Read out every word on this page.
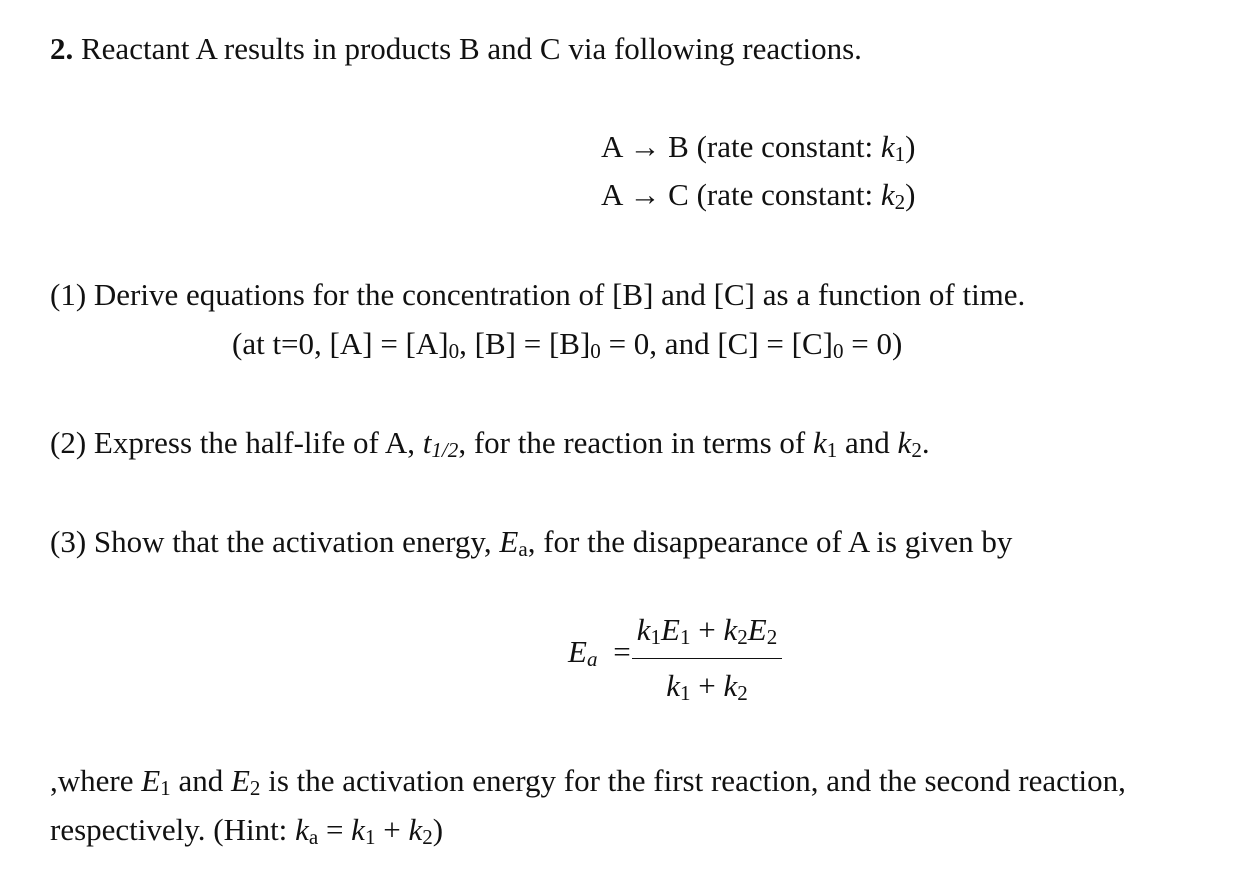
2. Reactant A results in products B and C via following reactions.
A → B (rate constant: k1)
A → C (rate constant: k2)
(1) Derive equations for the concentration of [B] and [C] as a function of time.
(at t=0, [A] = [A]0, [B] = [B]0 = 0, and [C] = [C]0 = 0)
(2) Express the half-life of A, t1/2, for the reaction in terms of k1 and k2.
(3) Show that the activation energy, Ea, for the disappearance of A is given by
Ea =
k1E1 + k2E2
k1 + k2
,where E1 and E2 is the activation energy for the first reaction, and the second reaction,
respectively. (Hint: ka = k1 + k2)
